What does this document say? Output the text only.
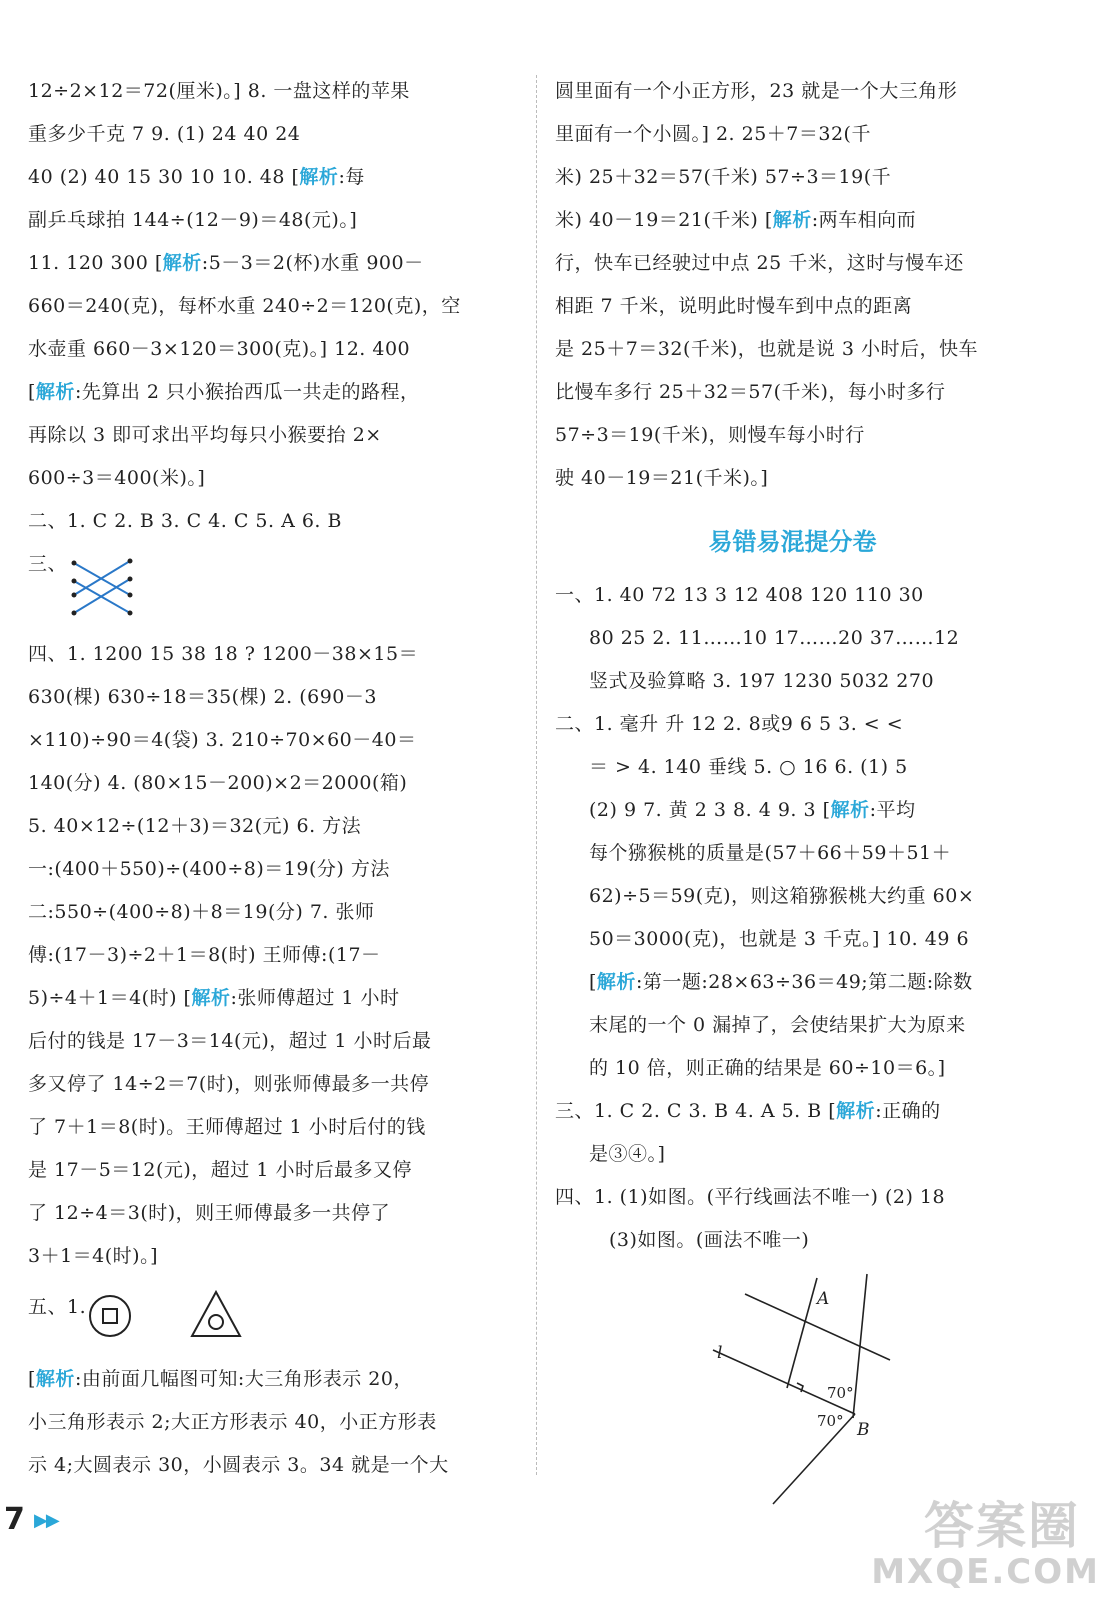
12÷2×12＝72(厘米)。] 8. 一盘这样的苹果
重多少千克 7 9. (1) 24 40 24
40 (2) 40 15 30 10 10. 48 [解析:每
副乒乓球拍 144÷(12－9)＝48(元)。]
11. 120 300 [解析:5－3＝2(杯)水重 900－
660＝240(克)，每杯水重 240÷2＝120(克)，空
水壶重 660－3×120＝300(克)。] 12. 400
[解析:先算出 2 只小猴抬西瓜一共走的路程，
再除以 3 即可求出平均每只小猴要抬 2×
600÷3＝400(米)。]
二、1. C 2. B 3. C 4. C 5. A 6. B
三、
四、1. 1200 15 38 18 ? 1200－38×15＝
630(棵) 630÷18＝35(棵) 2. (690－3
×110)÷90＝4(袋) 3. 210÷70×60－40＝
140(分) 4. (80×15－200)×2＝2000(箱)
5. 40×12÷(12＋3)＝32(元) 6. 方法
一:(400＋550)÷(400÷8)＝19(分) 方法
二:550÷(400÷8)＋8＝19(分) 7. 张师
傅:(17－3)÷2＋1＝8(时) 王师傅:(17－
5)÷4＋1＝4(时) [解析:张师傅超过 1 小时
后付的钱是 17－3＝14(元)，超过 1 小时后最
多又停了 14÷2＝7(时)，则张师傅最多一共停
了 7＋1＝8(时)。王师傅超过 1 小时后付的钱
是 17－5＝12(元)，超过 1 小时后最多又停
了 12÷4＝3(时)，则王师傅最多一共停了
3＋1＝4(时)。]
五、1.
[解析:由前面几幅图可知:大三角形表示 20，
小三角形表示 2;大正方形表示 40，小正方形表
示 4;大圆表示 30，小圆表示 3。34 就是一个大
圆里面有一个小正方形，23 就是一个大三角形
里面有一个小圆。] 2. 25＋7＝32(千
米) 25＋32＝57(千米) 57÷3＝19(千
米) 40－19＝21(千米) [解析:两车相向而
行，快车已经驶过中点 25 千米，这时与慢车还
相距 7 千米，说明此时慢车到中点的距离
是 25＋7＝32(千米)，也就是说 3 小时后，快车
比慢车多行 25＋32＝57(千米)，每小时多行
57÷3＝19(千米)，则慢车每小时行
驶 40－19＝21(千米)。]
易错易混提分卷
一、1. 40 72 13 3 12 408 120 110 30
80 25 2. 11……10 17……20 37……12
竖式及验算略 3. 197 1230 5032 270
二、1. 毫升 升 12 2. 8或9 6 5 3. < <
＝ > 4. 140 垂线 5. ○ 16 6. (1) 5
(2) 9 7. 黄 2 3 8. 4 9. 3 [解析:平均
每个猕猴桃的质量是(57＋66＋59＋51＋
62)÷5＝59(克)，则这箱猕猴桃大约重 60×
50＝3000(克)，也就是 3 千克。] 10. 49 6
[解析:第一题:28×63÷36＝49;第二题:除数
末尾的一个 0 漏掉了，会使结果扩大为原来
的 10 倍，则正确的结果是 60÷10＝6。]
三、1. C 2. C 3. B 4. A 5. B [解析:正确的
是③④。]
四、1. (1)如图。(平行线画法不唯一) (2) 18
(3)如图。(画法不唯一)
A
l
B
70°
70°
7 ▶▶	答案圈
MXQE.COM
